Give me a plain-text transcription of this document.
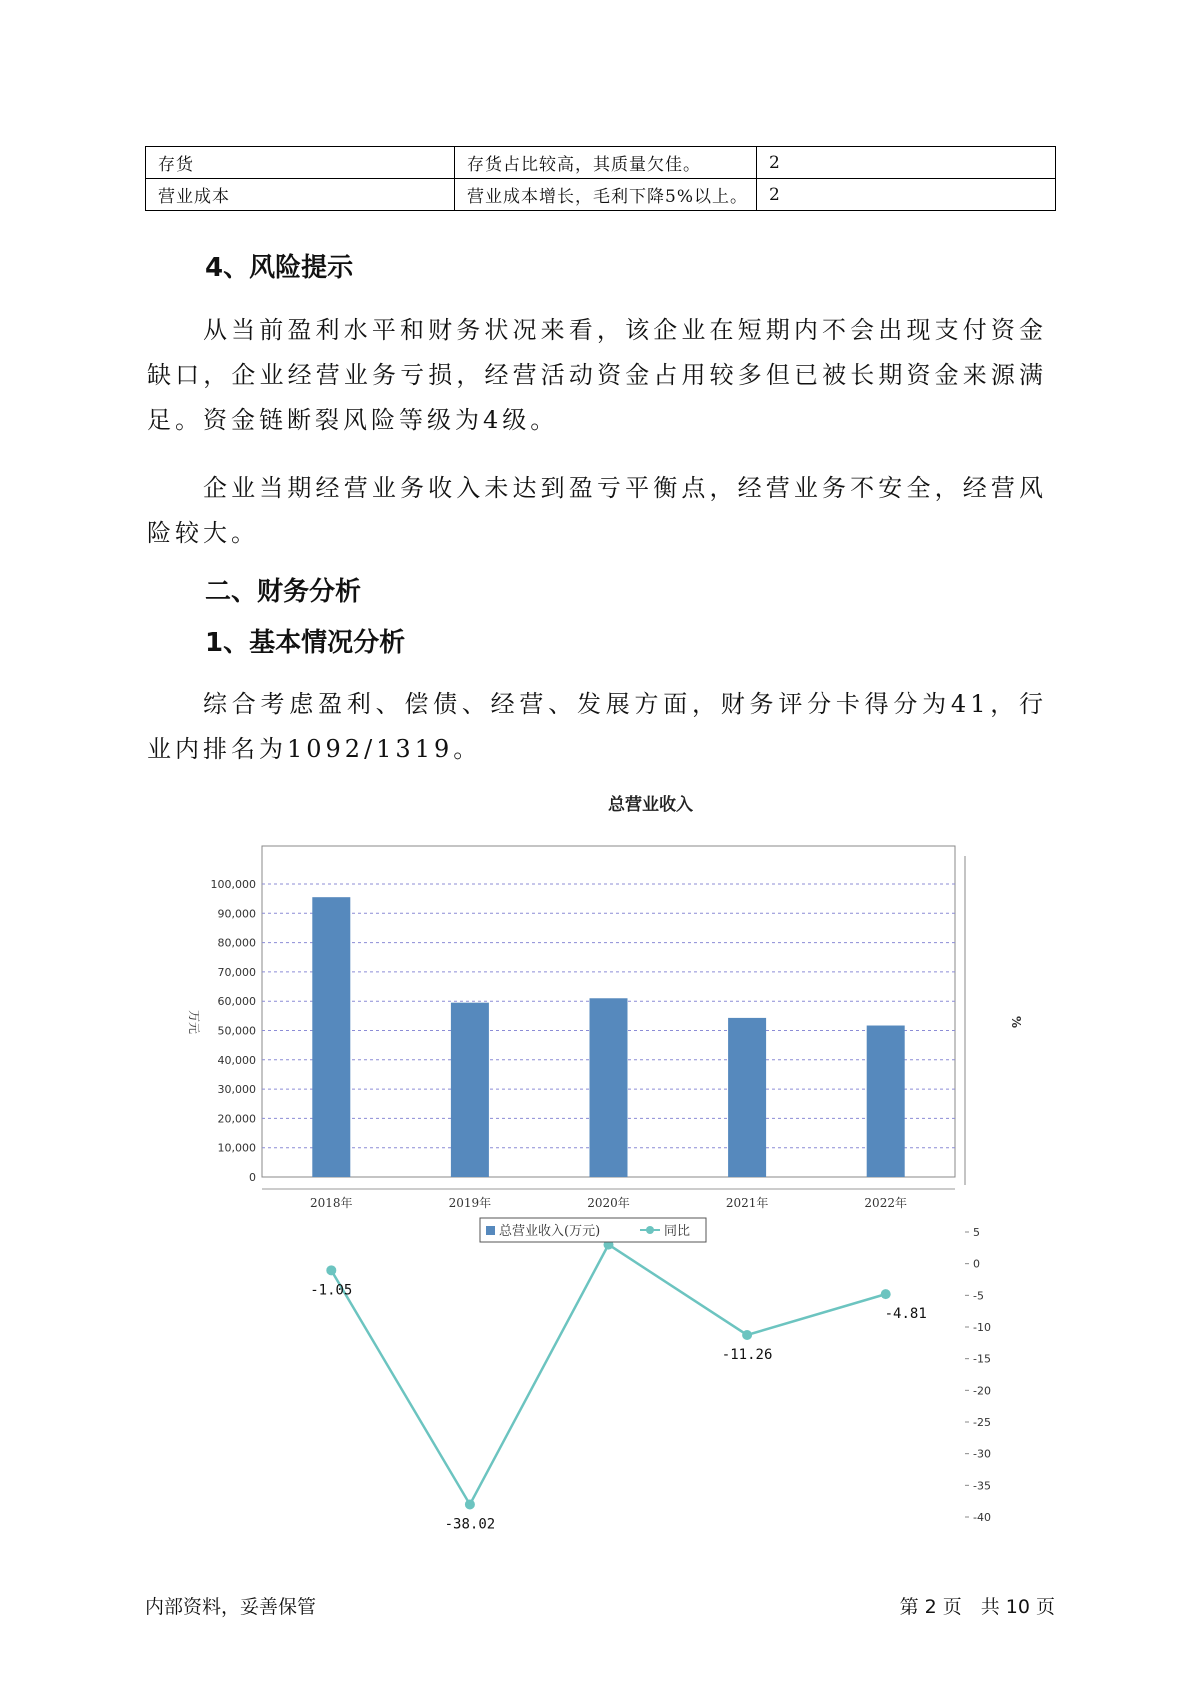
存货	存货占比较高，其质量欠佳。	2
营业成本	营业成本增长，毛利下降5%以上。	2
4、风险提示

从当前盈利水平和财务状况来看，该企业在短期内不会出现支付资金缺口，企业经营业务亏损，经营活动资金占用较多但已被长期资金来源满足。资金链断裂风险等级为4级。

企业当期经营业务收入未达到盈亏平衡点，经营业务不安全，经营风险较大。

二、财务分析
1、基本情况分析

综合考虑盈利、偿债、经营、发展方面，财务评分卡得分为41，行业内排名为1092/1319。

总营业收入
0
10,000
20,000
30,000
40,000
50,000
60,000
70,000
80,000
90,000
100,000
5
0
-5
-10
-15
-20
-25
-30
-35
-40
万元	%
2018年	2019年	2020年	2021年	2022年
-1.05
-38.02
-11.26
-4.81
总营业收入(万元)	同比
内部资料，妥善保管	第 2 页　共 10 页
